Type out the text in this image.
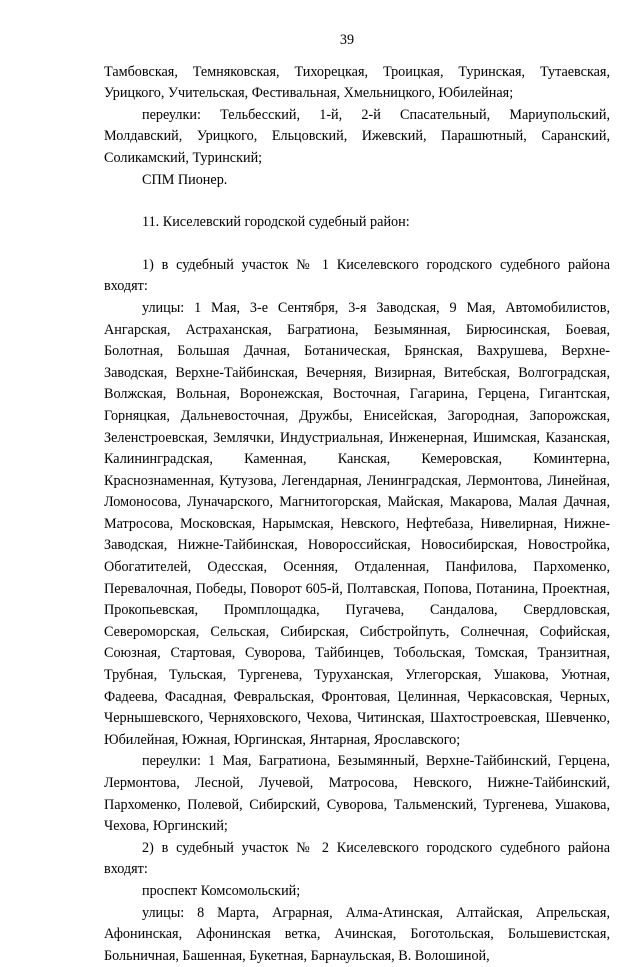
39

Тамбовская, Темняковская, Тихорецкая, Троицкая, Туринская, Тутаевская, Урицкого, Учительская, Фестивальная, Хмельницкого, Юбилейная;

переулки: Тельбесский, 1-й, 2-й Спасательный, Мариупольский, Молдавский, Урицкого, Ельцовский, Ижевский, Парашютный, Саранский, Соликамский, Туринский;

СПМ Пионер.

11. Киселевский городской судебный район:

1) в судебный участок № 1 Киселевского городского судебного района входят:

улицы: 1 Мая, 3-е Сентября, 3-я Заводская, 9 Мая, Автомобилистов, Ангарская, Астраханская, Багратиона, Безымянная, Бирюсинская, Боевая, Болотная, Большая Дачная, Ботаническая, Брянская, Вахрушева, Верхне-Заводская, Верхне-Тайбинская, Вечерняя, Визирная, Витебская, Волгоградская, Волжская, Вольная, Воронежская, Восточная, Гагарина, Герцена, Гигантская, Горняцкая, Дальневосточная, Дружбы, Енисейская, Загородная, Запорожская, Зеленстроевская, Землячки, Индустриальная, Инженерная, Ишимская, Казанская, Калининградская, Каменная, Канская, Кемеровская, Коминтерна, Краснознаменная, Кутузова, Легендарная, Ленинградская, Лермонтова, Линейная, Ломоносова, Луначарского, Магнитогорская, Майская, Макарова, Малая Дачная, Матросова, Московская, Нарымская, Невского, Нефтебаза, Нивелирная, Нижне-Заводская, Нижне-Тайбинская, Новороссийская, Новосибирская, Новостройка, Обогатителей, Одесская, Осенняя, Отдаленная, Панфилова, Пархоменко, Перевалочная, Победы, Поворот 605-й, Полтавская, Попова, Потанина, Проектная, Прокопьевская, Промплощадка, Пугачева, Сандалова, Свердловская, Североморская, Сельская, Сибирская, Сибстройпуть, Солнечная, Софийская, Союзная, Стартовая, Суворова, Тайбинцев, Тобольская, Томская, Транзитная, Трубная, Тульская, Тургенева, Туруханская, Углегорская, Ушакова, Уютная, Фадеева, Фасадная, Февральская, Фронтовая, Целинная, Черкасовская, Черных, Чернышевского, Черняховского, Чехова, Читинская, Шахтостроевская, Шевченко, Юбилейная, Южная, Юргинская, Янтарная, Ярославского;

переулки: 1 Мая, Багратиона, Безымянный, Верхне-Тайбинский, Герцена, Лермонтова, Лесной, Лучевой, Матросова, Невского, Нижне-Тайбинский, Пархоменко, Полевой, Сибирский, Суворова, Тальменский, Тургенева, Ушакова, Чехова, Юргинский;

2) в судебный участок № 2 Киселевского городского судебного района входят:

проспект Комсомольский;

улицы: 8 Марта, Аграрная, Алма-Атинская, Алтайская, Апрельская, Афонинская, Афонинская ветка, Ачинская, Боготольская, Большевистская, Больничная, Башенная, Букетная, Барнаульская, В. Волошиной,
